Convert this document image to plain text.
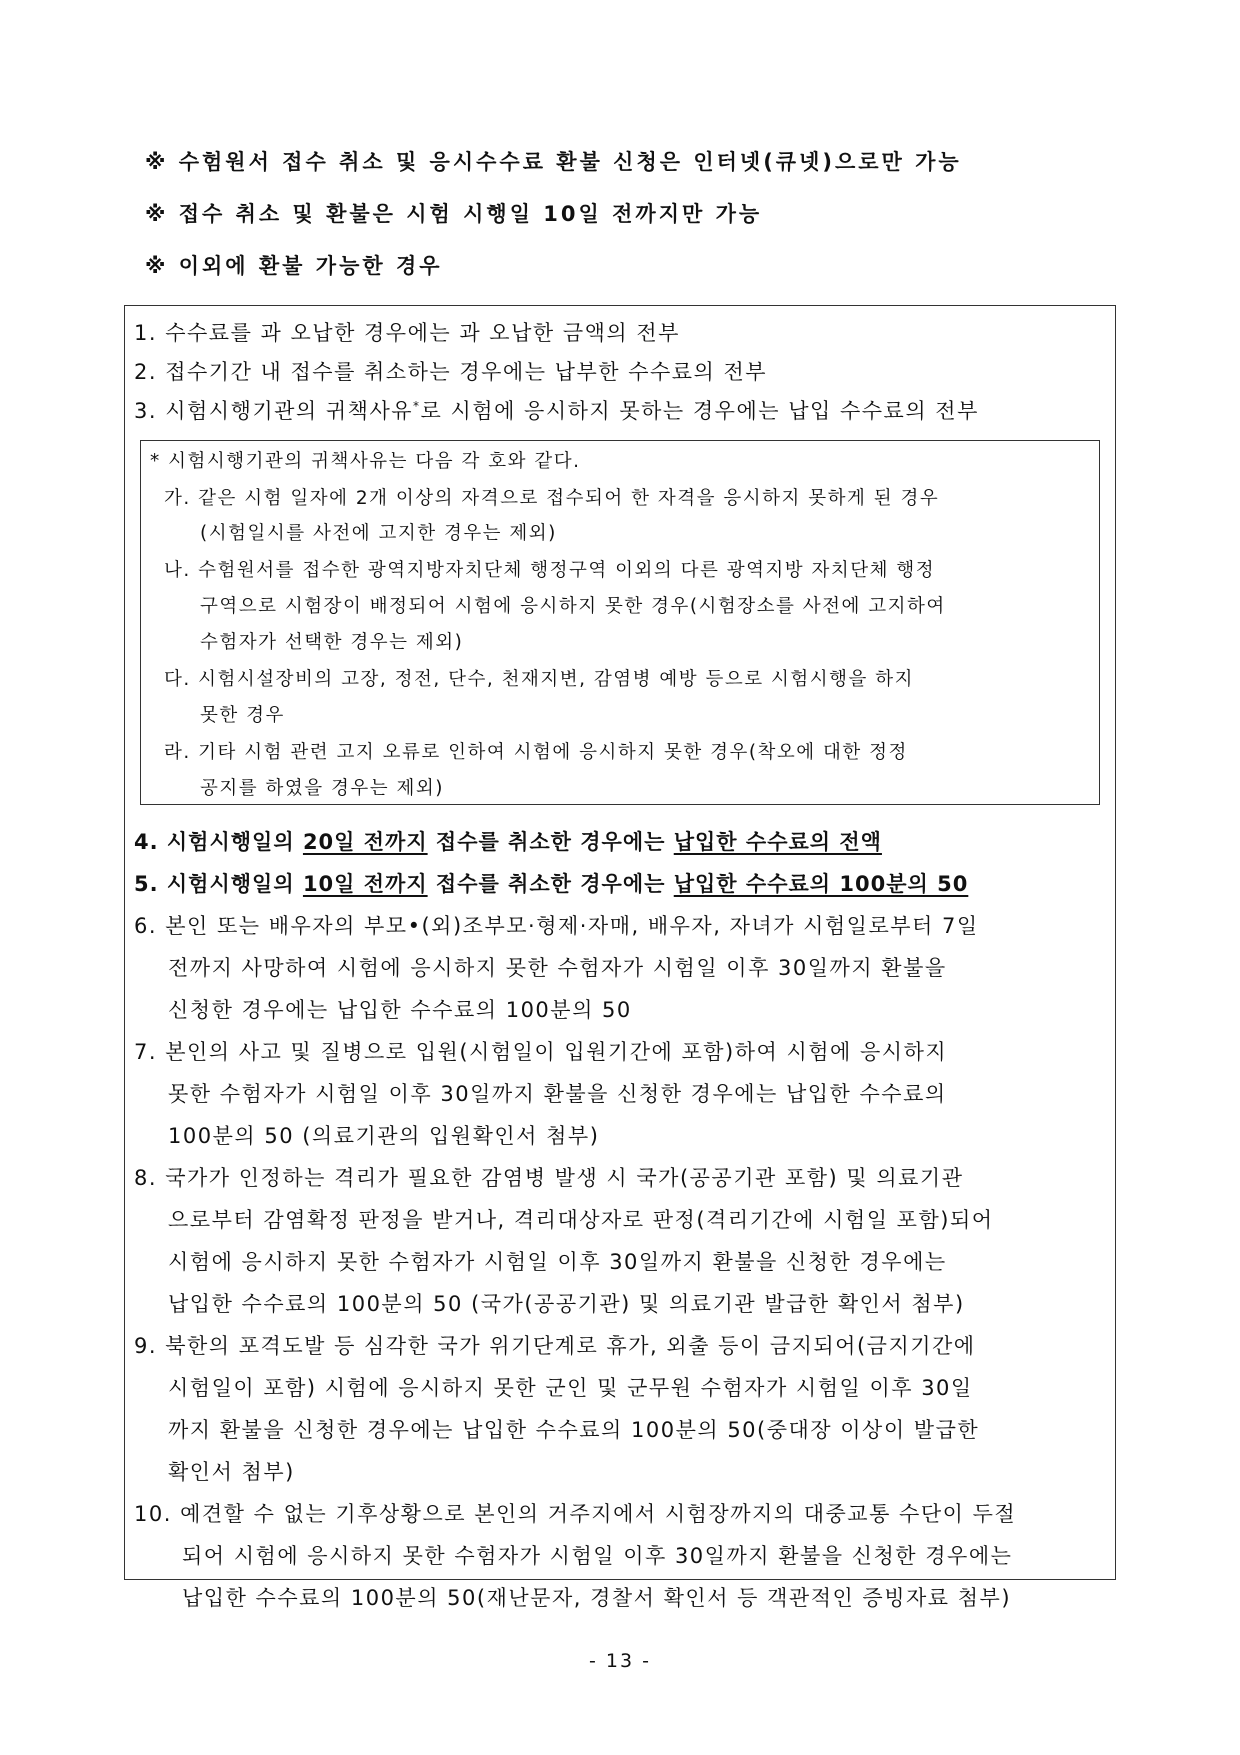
※ 수험원서 접수 취소 및 응시수수료 환불 신청은 인터넷(큐넷)으로만 가능
※ 접수 취소 및 환불은 시험 시행일 10일 전까지만 가능
※ 이외에 환불 가능한 경우
1. 수수료를 과 오납한 경우에는 과 오납한 금액의 전부
2. 접수기간 내 접수를 취소하는 경우에는 납부한 수수료의 전부
3. 시험시행기관의 귀책사유*로 시험에 응시하지 못하는 경우에는 납입 수수료의 전부
* 시험시행기관의 귀책사유는 다음 각 호와 같다.
가. 같은 시험 일자에 2개 이상의 자격으로 접수되어 한 자격을 응시하지 못하게 된 경우
(시험일시를 사전에 고지한 경우는 제외)
나. 수험원서를 접수한 광역지방자치단체 행정구역 이외의 다른 광역지방 자치단체 행정
구역으로 시험장이 배정되어 시험에 응시하지 못한 경우(시험장소를 사전에 고지하여
수험자가 선택한 경우는 제외)
다. 시험시설장비의 고장, 정전, 단수, 천재지변, 감염병 예방 등으로 시험시행을 하지
못한 경우
라. 기타 시험 관련 고지 오류로 인하여 시험에 응시하지 못한 경우(착오에 대한 정정
공지를 하였을 경우는 제외)
4. 시험시행일의 20일 전까지 접수를 취소한 경우에는 납입한 수수료의 전액
5. 시험시행일의 10일 전까지 접수를 취소한 경우에는 납입한 수수료의 100분의 50
6. 본인 또는 배우자의 부모•(외)조부모·형제·자매, 배우자, 자녀가 시험일로부터 7일
전까지 사망하여 시험에 응시하지 못한 수험자가 시험일 이후 30일까지 환불을
신청한 경우에는 납입한 수수료의 100분의 50
7. 본인의 사고 및 질병으로 입원(시험일이 입원기간에 포함)하여 시험에 응시하지
못한 수험자가 시험일 이후 30일까지 환불을 신청한 경우에는 납입한 수수료의
100분의 50 (의료기관의 입원확인서 첨부)
8. 국가가 인정하는 격리가 필요한 감염병 발생 시 국가(공공기관 포함) 및 의료기관
으로부터 감염확정 판정을 받거나, 격리대상자로 판정(격리기간에 시험일 포함)되어
시험에 응시하지 못한 수험자가 시험일 이후 30일까지 환불을 신청한 경우에는
납입한 수수료의 100분의 50 (국가(공공기관) 및 의료기관 발급한 확인서 첨부)
9. 북한의 포격도발 등 심각한 국가 위기단계로 휴가, 외출 등이 금지되어(금지기간에
시험일이 포함) 시험에 응시하지 못한 군인 및 군무원 수험자가 시험일 이후 30일
까지 환불을 신청한 경우에는 납입한 수수료의 100분의 50(중대장 이상이 발급한
확인서 첨부)
10. 예견할 수 없는 기후상황으로 본인의 거주지에서 시험장까지의 대중교통 수단이 두절
되어 시험에 응시하지 못한 수험자가 시험일 이후 30일까지 환불을 신청한 경우에는
납입한 수수료의 100분의 50(재난문자, 경찰서 확인서 등 객관적인 증빙자료 첨부)
- 13 -
